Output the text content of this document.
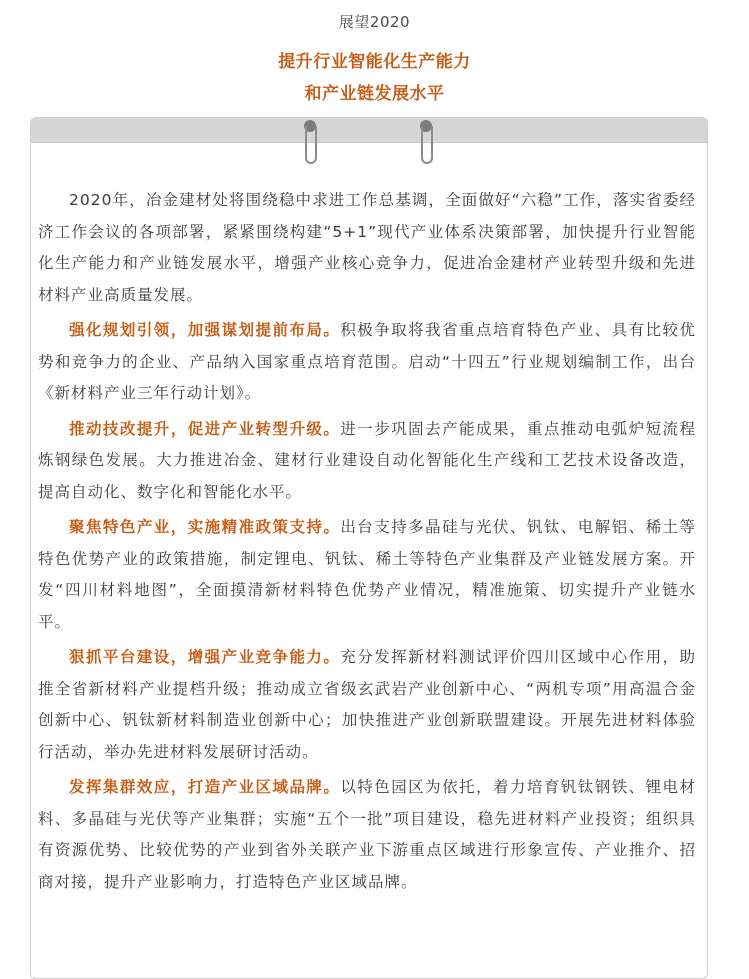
展望2020
提升行业智能化生产能力
和产业链发展水平

2020年，冶金建材处将围绕稳中求进工作总基调，全面做好“六稳”工作，落实省委经济工作会议的各项部署，紧紧围绕构建“5+1”现代产业体系决策部署，加快提升行业智能化生产能力和产业链发展水平，增强产业核心竞争力，促进冶金建材产业转型升级和先进材料产业高质量发展。

强化规划引领，加强谋划提前布局。积极争取将我省重点培育特色产业、具有比较优势和竞争力的企业、产品纳入国家重点培育范围。启动“十四五”行业规划编制工作，出台《新材料产业三年行动计划》。

推动技改提升，促进产业转型升级。进一步巩固去产能成果，重点推动电弧炉短流程炼钢绿色发展。大力推进冶金、建材行业建设自动化智能化生产线和工艺技术设备改造，提高自动化、数字化和智能化水平。

聚焦特色产业，实施精准政策支持。出台支持多晶硅与光伏、钒钛、电解铝、稀土等特色优势产业的政策措施，制定锂电、钒钛、稀土等特色产业集群及产业链发展方案。开发“四川材料地图”，全面摸清新材料特色优势产业情况，精准施策、切实提升产业链水平。

狠抓平台建设，增强产业竞争能力。充分发挥新材料测试评价四川区域中心作用，助推全省新材料产业提档升级；推动成立省级玄武岩产业创新中心、“两机专项”用高温合金创新中心、钒钛新材料制造业创新中心；加快推进产业创新联盟建设。开展先进材料体验行活动，举办先进材料发展研讨活动。

发挥集群效应，打造产业区域品牌。以特色园区为依托，着力培育钒钛钢铁、锂电材料、多晶硅与光伏等产业集群；实施“五个一批”项目建设，稳先进材料产业投资；组织具有资源优势、比较优势的产业到省外关联产业下游重点区域进行形象宣传、产业推介、招商对接，提升产业影响力，打造特色产业区域品牌。
